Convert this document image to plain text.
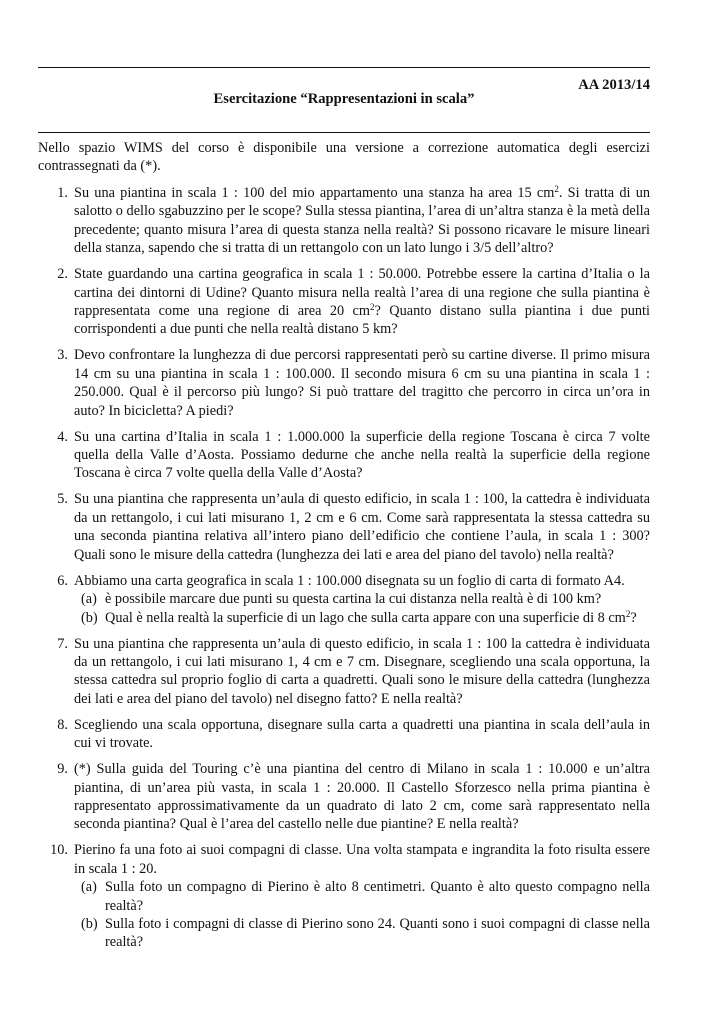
AA 2013/14
Esercitazione “Rappresentazioni in scala”
Nello spazio WIMS del corso è disponibile una versione a correzione automatica degli esercizi contrassegnati da (*).
1. Su una piantina in scala 1 : 100 del mio appartamento una stanza ha area 15 $cm^2$. Si tratta di un salotto o dello sgabuzzino per le scope? Sulla stessa piantina, l’area di un’altra stanza è la metà della precedente; quanto misura l’area di questa stanza nella realtà? Si possono ricavare le misure lineari della stanza, sapendo che si tratta di un rettangolo con un lato lungo i 3/5 dell’altro?
2. State guardando una cartina geografica in scala 1 : 50.000. Potrebbe essere la cartina d’Italia o la cartina dei dintorni di Udine? Quanto misura nella realtà l’area di una regione che sulla piantina è rappresentata come una regione di area 20 $cm^2$? Quanto distano sulla piantina i due punti corrispondenti a due punti che nella realtà distano 5 km?
3. Devo confrontare la lunghezza di due percorsi rappresentati però su cartine diverse. Il primo misura 14 cm su una piantina in scala 1 : 100.000. Il secondo misura 6 cm su una piantina in scala 1 : 250.000. Qual è il percorso più lungo? Si può trattare del tragitto che percorro in circa un’ora in auto? In bicicletta? A piedi?
4. Su una cartina d’Italia in scala 1 : 1.000.000 la superficie della regione Toscana è circa 7 volte quella della Valle d’Aosta. Possiamo dedurne che anche nella realtà la superficie della regione Toscana è circa 7 volte quella della Valle d’Aosta?
5. Su una piantina che rappresenta un’aula di questo edificio, in scala 1 : 100, la cattedra è individuata da un rettangolo, i cui lati misurano 1, 2 cm e 6 cm. Come sarà rappresentata la stessa cattedra su una seconda piantina relativa all’intero piano dell’edificio che contiene l’aula, in scala 1 : 300? Quali sono le misure della cattedra (lunghezza dei lati e area del piano del tavolo) nella realtà?
6. Abbiamo una carta geografica in scala 1 : 100.000 disegnata su un foglio di carta di formato A4.
(a) è possibile marcare due punti su questa cartina la cui distanza nella realtà è di 100 km?
(b) Qual è nella realtà la superficie di un lago che sulla carta appare con una superficie di 8 $cm^2$?
7. Su una piantina che rappresenta un’aula di questo edificio, in scala 1 : 100 la cattedra è individuata da un rettangolo, i cui lati misurano 1, 4 cm e 7 cm. Disegnare, scegliendo una scala opportuna, la stessa cattedra sul proprio foglio di carta a quadretti. Quali sono le misure della cattedra (lunghezza dei lati e area del piano del tavolo) nel disegno fatto? E nella realtà?
8. Scegliendo una scala opportuna, disegnare sulla carta a quadretti una piantina in scala dell’aula in cui vi trovate.
9. (*) Sulla guida del Touring c’è una piantina del centro di Milano in scala 1 : 10.000 e un’altra piantina, di un’area più vasta, in scala 1 : 20.000. Il Castello Sforzesco nella prima piantina è rappresentato approssimativamente da un quadrato di lato 2 cm, come sarà rappresentato nella seconda piantina? Qual è l’area del castello nelle due piantine? E nella realtà?
10. Pierino fa una foto ai suoi compagni di classe. Una volta stampata e ingrandita la foto risulta essere in scala 1 : 20.
(a) Sulla foto un compagno di Pierino è alto 8 centimetri. Quanto è alto questo compagno nella realtà?
(b) Sulla foto i compagni di classe di Pierino sono 24. Quanti sono i suoi compagni di classe nella realtà?
